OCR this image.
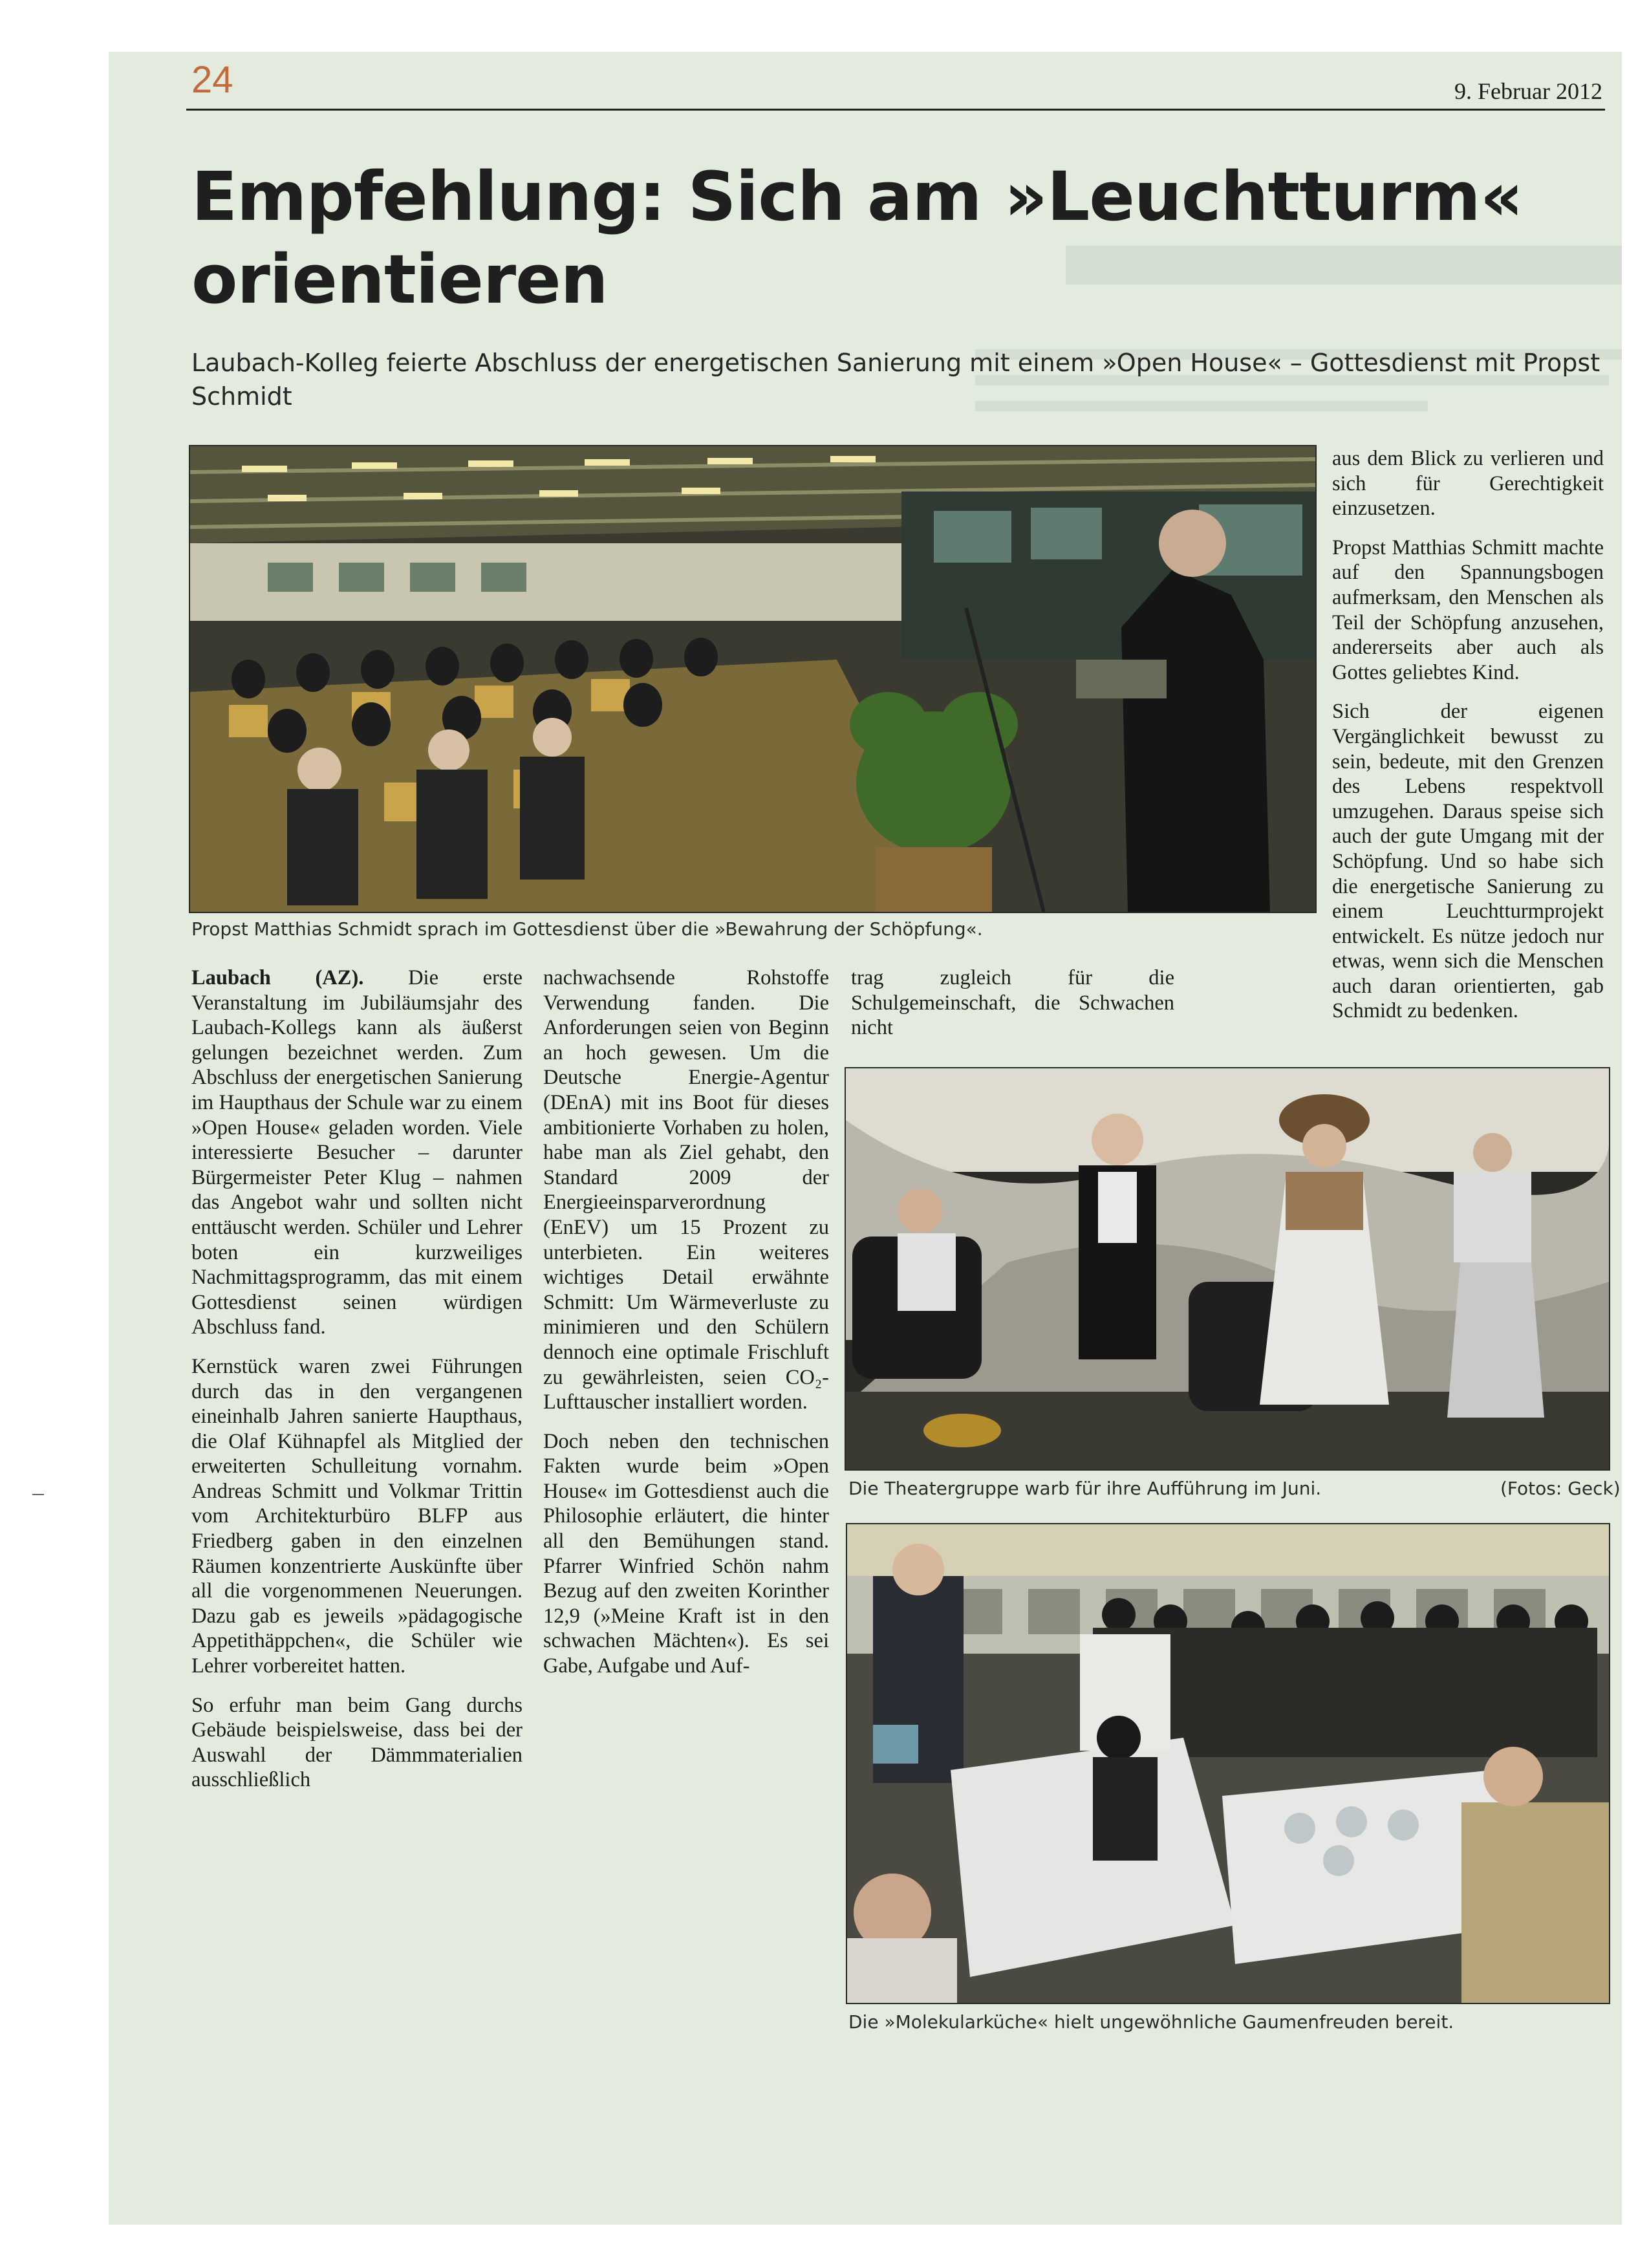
24	9. Februar 2012
Empfehlung: Sich am »Leuchtturm«
orientieren
Laubach-Kolleg feierte Abschluss der energetischen Sanierung mit einem »Open House« – Gottesdienst mit Propst Schmidt
Propst Matthias Schmidt sprach im Gottesdienst über die »Bewahrung der Schöpfung«.

Laubach (AZ). Die erste Veranstaltung im Jubiläumsjahr des Laubach-Kollegs kann als äußerst gelungen bezeichnet werden. Zum Abschluss der energetischen Sanierung im Haupthaus der Schule war zu einem »Open House« geladen worden. Viele interessierte Besucher – darunter Bürgermeister Peter Klug – nahmen das Angebot wahr und sollten nicht enttäuscht werden. Schüler und Lehrer boten ein kurzweiliges Nachmittagsprogramm, das mit einem Gottesdienst seinen würdigen Abschluss fand.

Kernstück waren zwei Führungen durch das in den vergangenen eineinhalb Jahren sanierte Haupthaus, die Olaf Kühnapfel als Mitglied der erweiterten Schulleitung vornahm. Andreas Schmitt und Volkmar Trittin vom Architekturbüro BLFP aus Friedberg gaben in den einzelnen Räumen konzentrierte Auskünfte über all die vorgenommenen Neuerungen. Dazu gab es jeweils »pädagogische Appetithäppchen«, die Schüler wie Lehrer vorbereitet hatten.

So erfuhr man beim Gang durchs Gebäude beispielsweise, dass bei der Auswahl der Dämmmaterialien ausschließlich

nachwachsende Rohstoffe Verwendung fanden. Die Anforderungen seien von Beginn an hoch gewesen. Um die Deutsche Energie-Agentur (DEnA) mit ins Boot für dieses ambitionierte Vorhaben zu holen, habe man als Ziel gehabt, den Standard 2009 der Energieeinsparverordnung (EnEV) um 15 Prozent zu unterbieten. Ein weiteres wichtiges Detail erwähnte Schmitt: Um Wärmeverluste zu minimieren und den Schülern dennoch eine optimale Frischluft zu gewährleisten, seien CO₂-Lufttauscher installiert worden.

Doch neben den technischen Fakten wurde beim »Open House« im Gottesdienst auch die Philosophie erläutert, die hinter all den Bemühungen stand. Pfarrer Winfried Schön nahm Bezug auf den zweiten Korinther 12,9 (»Meine Kraft ist in den schwachen Mächten«). Es sei Gabe, Aufgabe und Auf-

trag zugleich für die Schulgemeinschaft, die Schwachen nicht

aus dem Blick zu verlieren und sich für Gerechtigkeit einzusetzen.

Propst Matthias Schmitt machte auf den Spannungsbogen aufmerksam, den Menschen als Teil der Schöpfung anzusehen, andererseits aber auch als Gottes geliebtes Kind.

Sich der eigenen Vergänglichkeit bewusst zu sein, bedeute, mit den Grenzen des Lebens respektvoll umzugehen. Daraus speise sich auch der gute Umgang mit der Schöpfung. Und so habe sich die energetische Sanierung zu einem Leuchtturmprojekt entwickelt. Es nütze jedoch nur etwas, wenn sich die Menschen auch daran orientierten, gab Schmidt zu bedenken.

Die Theatergruppe warb für ihre Aufführung im Juni.	(Fotos: Geck)
Die »Molekularküche« hielt ungewöhnliche Gaumenfreuden bereit.
